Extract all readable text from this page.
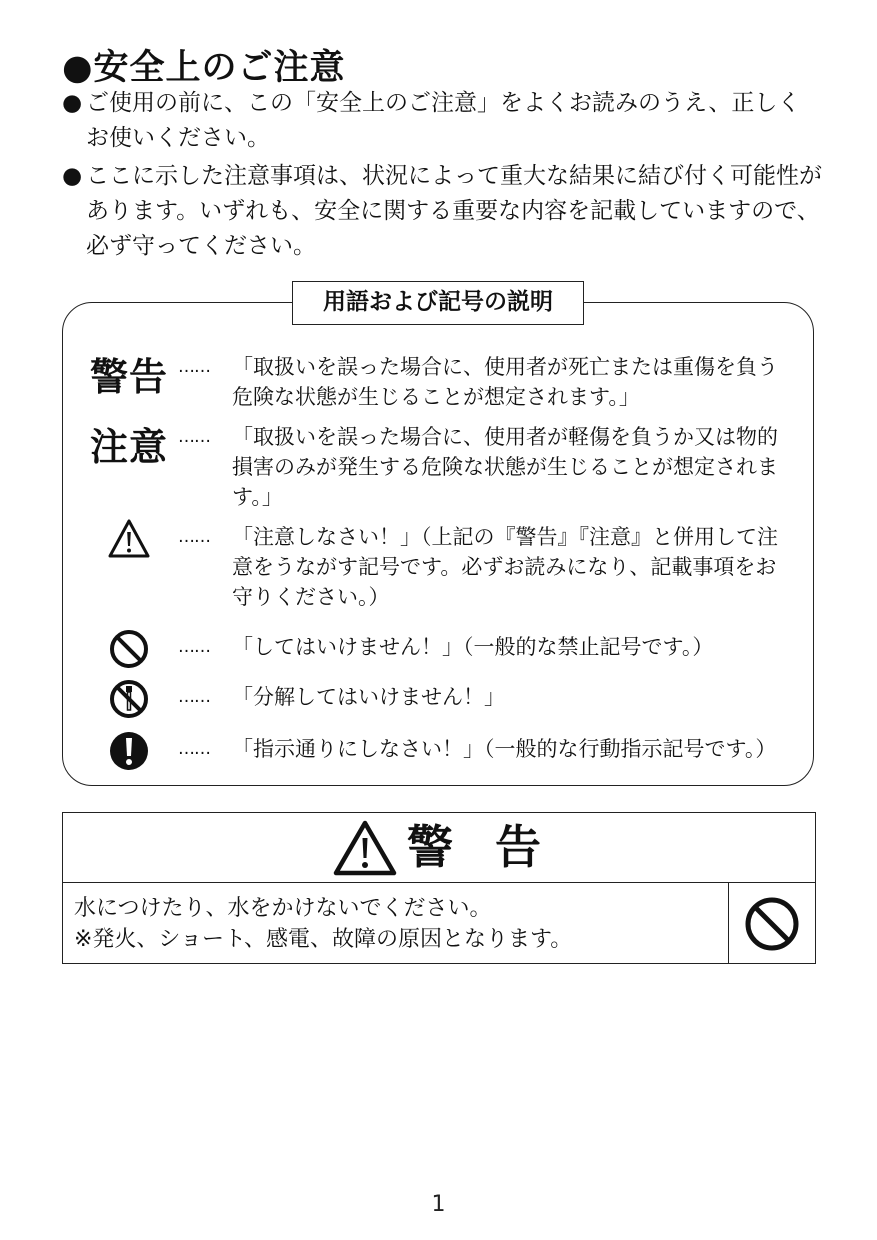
●安全上のご注意
● ご使用の前に、この「安全上のご注意」をよくお読みのうえ、正しくお使いください。
● ここに示した注意事項は、状況によって重大な結果に結び付く可能性があります。いずれも、安全に関する重要な内容を記載していますので、必ず守ってください。
用語および記号の説明
警告 …… 「取扱いを誤った場合に、使用者が死亡または重傷を負う危険な状態が生じることが想定されます。」
注意 …… 「取扱いを誤った場合に、使用者が軽傷を負うか又は物的損害のみが発生する危険な状態が生じることが想定されます。」
…… 「注意しなさい！」（上記の『警告』『注意』と併用して注意をうながす記号です。必ずお読みになり、記載事項をお守りください。）
…… 「してはいけません！」（一般的な禁止記号です。）
…… 「分解してはいけません！」
…… 「指示通りにしなさい！」（一般的な行動指示記号です。）
警告
水につけたり、水をかけないでください。
※発火、ショート、感電、故障の原因となります。
1
